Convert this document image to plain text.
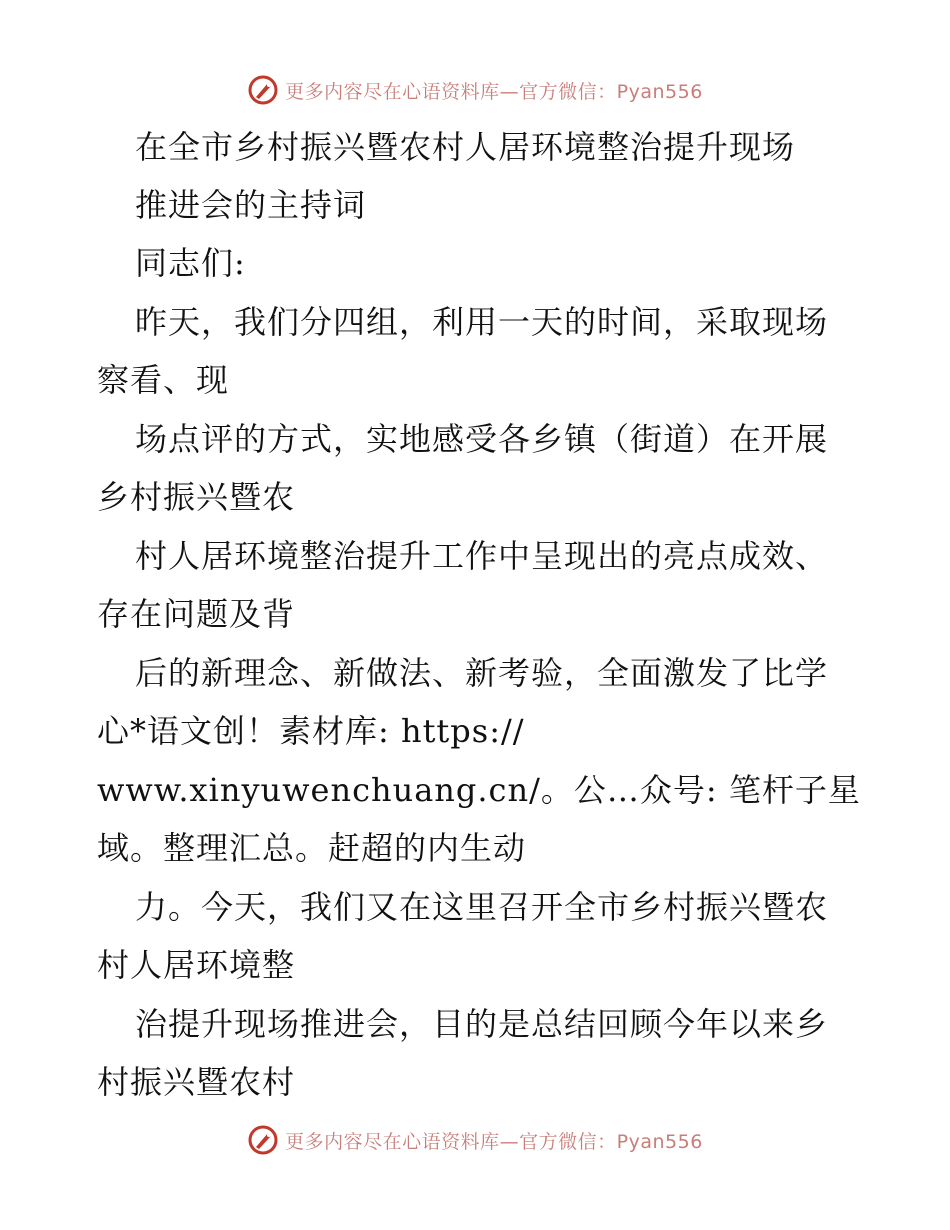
更多内容尽在心语资料库—官方微信：Pyan556
在全市乡村振兴暨农村人居环境整治提升现场
推进会的主持词
同志们:
昨天，我们分四组，利用一天的时间，采取现场
察看、现
场点评的方式，实地感受各乡镇（街道）在开展
乡村振兴暨农
村人居环境整治提升工作中呈现出的亮点成效、
存在问题及背
后的新理念、新做法、新考验，全面激发了比学
心*语文创！素材库: https://
www.xinyuwenchuang.cn/。公…众号: 笔杆子星
域。整理汇总。赶超的内生动
力。今天，我们又在这里召开全市乡村振兴暨农
村人居环境整
治提升现场推进会，目的是总结回顾今年以来乡
村振兴暨农村
更多内容尽在心语资料库—官方微信：Pyan556
